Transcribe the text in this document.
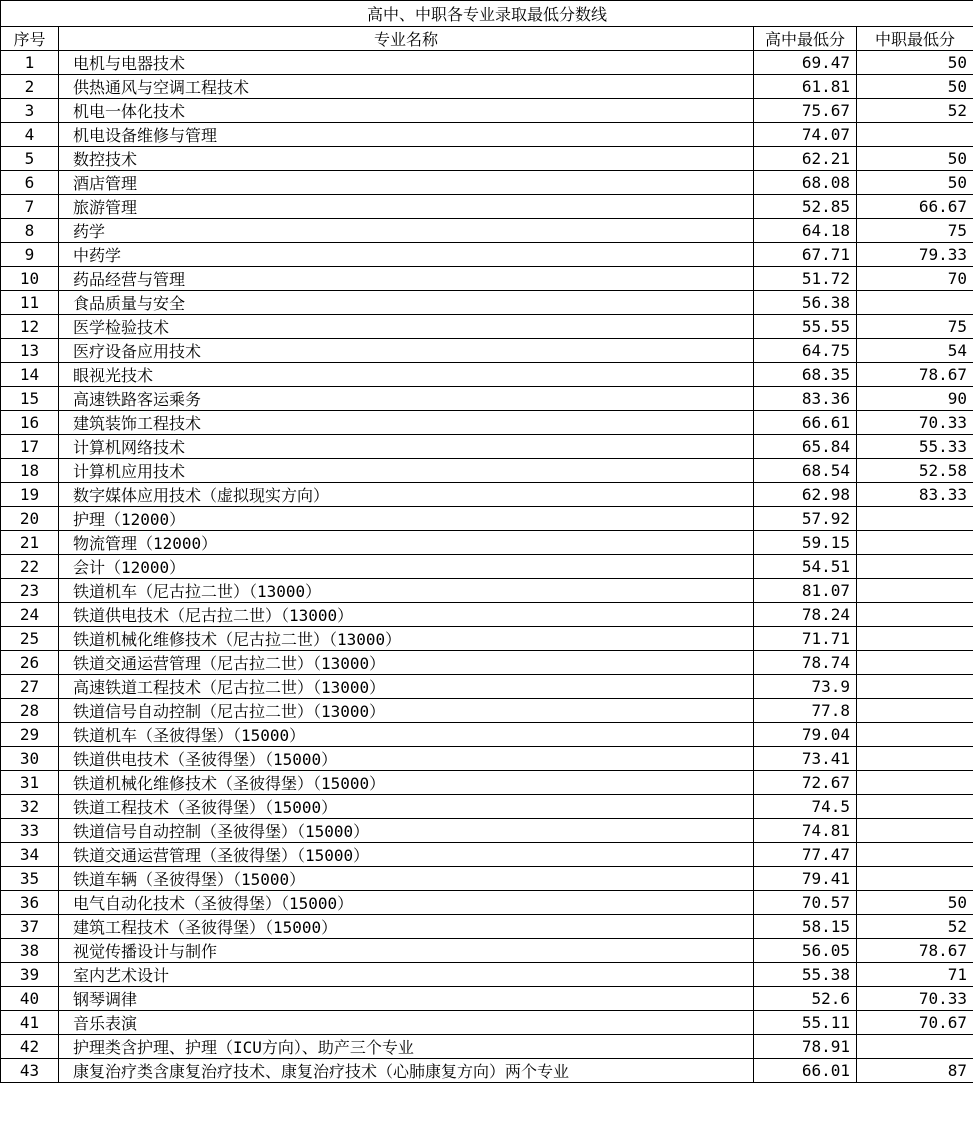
高中、中职各专业录取最低分数线			
序号	专业名称	高中最低分	中职最低分
1	电机与电器技术	69.47	50
2	供热通风与空调工程技术	61.81	50
3	机电一体化技术	75.67	52
4	机电设备维修与管理	74.07	
5	数控技术	62.21	50
6	酒店管理	68.08	50
7	旅游管理	52.85	66.67
8	药学	64.18	75
9	中药学	67.71	79.33
10	药品经营与管理	51.72	70
11	食品质量与安全	56.38	
12	医学检验技术	55.55	75
13	医疗设备应用技术	64.75	54
14	眼视光技术	68.35	78.67
15	高速铁路客运乘务	83.36	90
16	建筑装饰工程技术	66.61	70.33
17	计算机网络技术	65.84	55.33
18	计算机应用技术	68.54	52.58
19	数字媒体应用技术（虚拟现实方向）	62.98	83.33
20	护理（12000）	57.92	
21	物流管理（12000）	59.15	
22	会计（12000）	54.51	
23	铁道机车（尼古拉二世）（13000）	81.07	
24	铁道供电技术（尼古拉二世）（13000）	78.24	
25	铁道机械化维修技术（尼古拉二世）（13000）	71.71	
26	铁道交通运营管理（尼古拉二世）（13000）	78.74	
27	高速铁道工程技术（尼古拉二世）（13000）	73.9	
28	铁道信号自动控制（尼古拉二世）（13000）	77.8	
29	铁道机车（圣彼得堡）（15000）	79.04	
30	铁道供电技术（圣彼得堡）（15000）	73.41	
31	铁道机械化维修技术（圣彼得堡）（15000）	72.67	
32	铁道工程技术（圣彼得堡）（15000）	74.5	
33	铁道信号自动控制（圣彼得堡）（15000）	74.81	
34	铁道交通运营管理（圣彼得堡）（15000）	77.47	
35	铁道车辆（圣彼得堡）（15000）	79.41	
36	电气自动化技术（圣彼得堡）（15000）	70.57	50
37	建筑工程技术（圣彼得堡）（15000）	58.15	52
38	视觉传播设计与制作	56.05	78.67
39	室内艺术设计	55.38	71
40	钢琴调律	52.6	70.33
41	音乐表演	55.11	70.67
42	护理类含护理、护理（ICU方向）、助产三个专业	78.91	
43	康复治疗类含康复治疗技术、康复治疗技术（心肺康复方向）两个专业	66.01	87
